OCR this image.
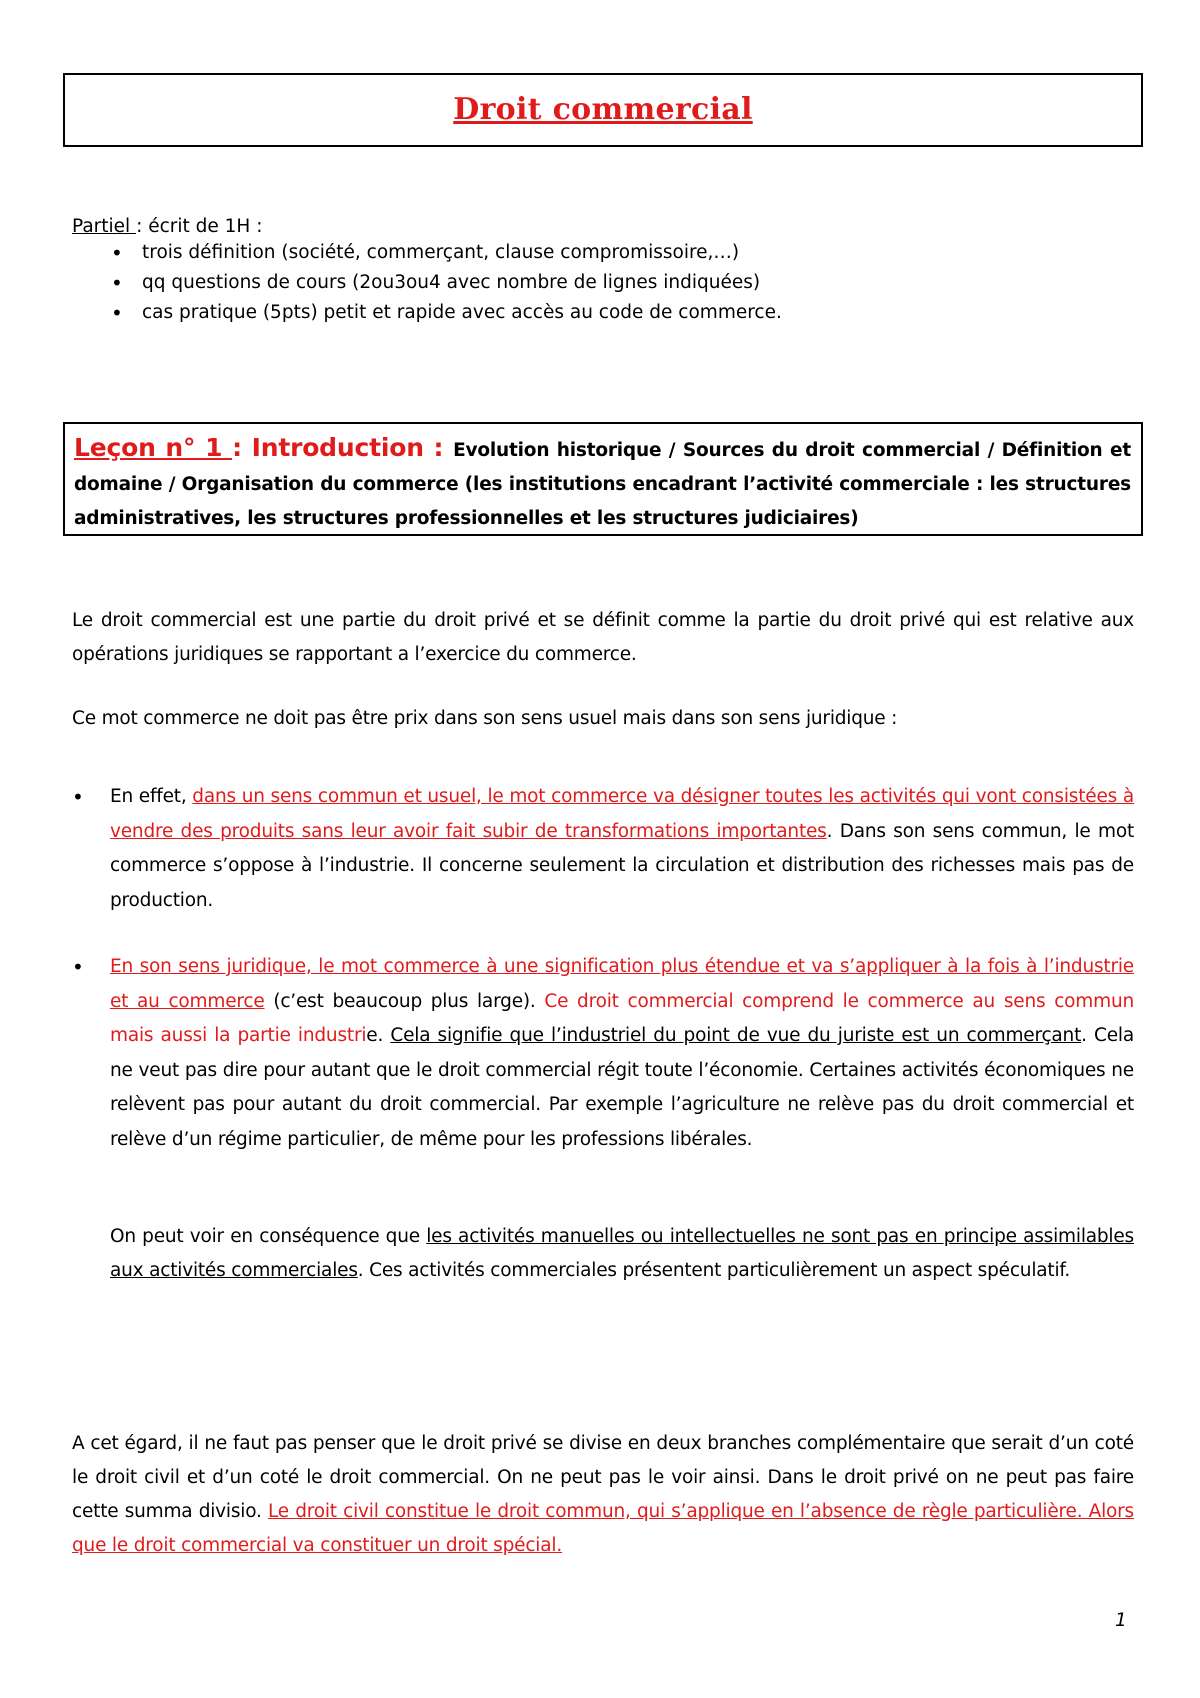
Droit commercial
Partiel : écrit de 1H :
• trois définition (société, commerçant, clause compromissoire,…)
• qq questions de cours (2ou3ou4 avec nombre de lignes indiquées)
• cas pratique (5pts) petit et rapide avec accès au code de commerce.
Leçon n° 1 : Introduction : Evolution historique / Sources du droit commercial / Définition et domaine / Organisation du commerce (les institutions encadrant l’activité commerciale : les structures administratives, les structures professionnelles et les structures judiciaires)
Le droit commercial est une partie du droit privé et se définit comme la partie du droit privé qui est relative aux opérations juridiques se rapportant a l’exercice du commerce.
Ce mot commerce ne doit pas être prix dans son sens usuel mais dans son sens juridique :
•	En effet, dans un sens commun et usuel, le mot commerce va désigner toutes les activités qui vont consistées à vendre des produits sans leur avoir fait subir de transformations importantes. Dans son sens commun, le mot commerce s’oppose à l’industrie. Il concerne seulement la circulation et distribution des richesses mais pas de production.
•	En son sens juridique, le mot commerce à une signification plus étendue et va s’appliquer à la fois à l’industrie et au commerce (c’est beaucoup plus large). Ce droit commercial comprend le commerce au sens commun mais aussi la partie industrie. Cela signifie que l’industriel du point de vue du juriste est un commerçant. Cela ne veut pas dire pour autant que le droit commercial régit toute l’économie. Certaines activités économiques ne relèvent pas pour autant du droit commercial. Par exemple l’agriculture ne relève pas du droit commercial et relève d’un régime particulier, de même pour les professions libérales.
On peut voir en conséquence que les activités manuelles ou intellectuelles ne sont pas en principe assimilables aux activités commerciales. Ces activités commerciales présentent particulièrement un aspect spéculatif.
A cet égard, il ne faut pas penser que le droit privé se divise en deux branches complémentaire que serait d’un coté le droit civil et d’un coté le droit commercial. On ne peut pas le voir ainsi. Dans le droit privé on ne peut pas faire cette summa divisio. Le droit civil constitue le droit commun, qui s’applique en l’absence de règle particulière. Alors que le droit commercial va constituer un droit spécial.
1
